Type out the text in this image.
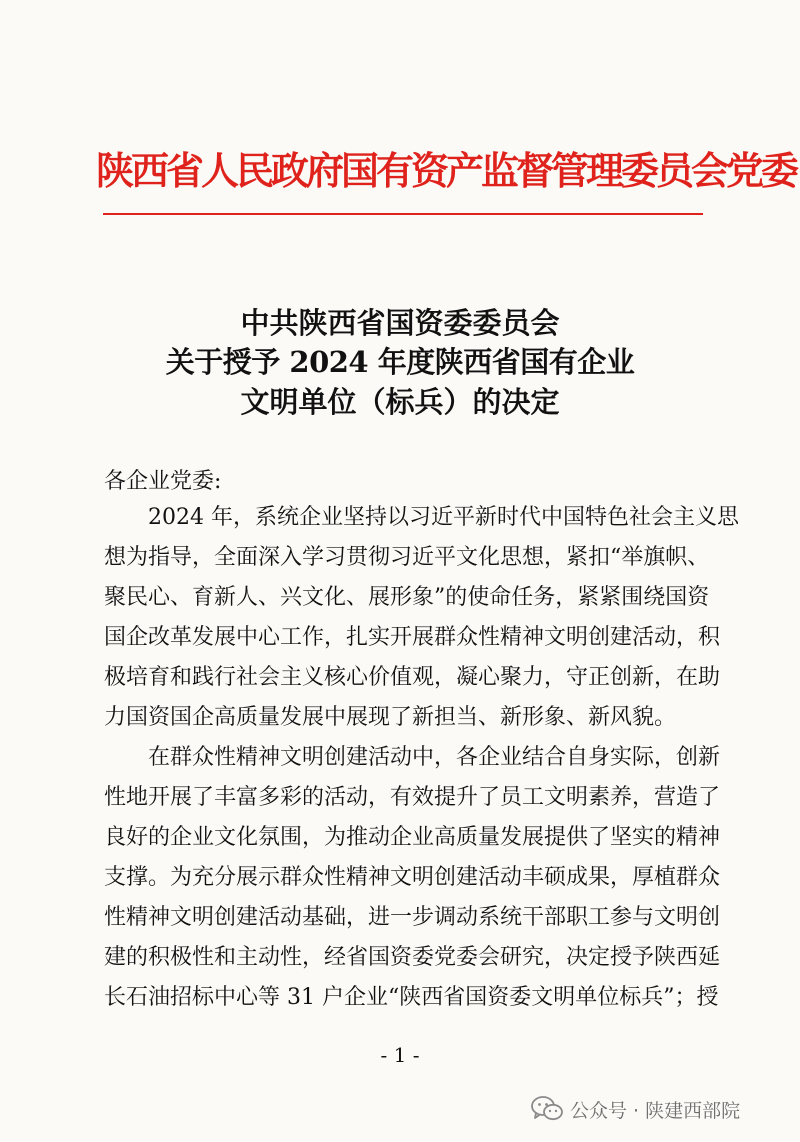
陕西省人民政府国有资产监督管理委员会党委
中共陕西省国资委委员会
关于授予 2024 年度陕西省国有企业
文明单位（标兵）的决定
各企业党委:
2024 年，系统企业坚持以习近平新时代中国特色社会主义思
想为指导，全面深入学习贯彻习近平文化思想，紧扣“举旗帜、
聚民心、育新人、兴文化、展形象”的使命任务，紧紧围绕国资
国企改革发展中心工作，扎实开展群众性精神文明创建活动，积
极培育和践行社会主义核心价值观，凝心聚力，守正创新，在助
力国资国企高质量发展中展现了新担当、新形象、新风貌。
在群众性精神文明创建活动中，各企业结合自身实际，创新
性地开展了丰富多彩的活动，有效提升了员工文明素养，营造了
良好的企业文化氛围，为推动企业高质量发展提供了坚实的精神
支撑。为充分展示群众性精神文明创建活动丰硕成果，厚植群众
性精神文明创建活动基础，进一步调动系统干部职工参与文明创
建的积极性和主动性，经省国资委党委会研究，决定授予陕西延
长石油招标中心等 31 户企业“陕西省国资委文明单位标兵”；授
- 1 -
公众号 · 陕建西部院
